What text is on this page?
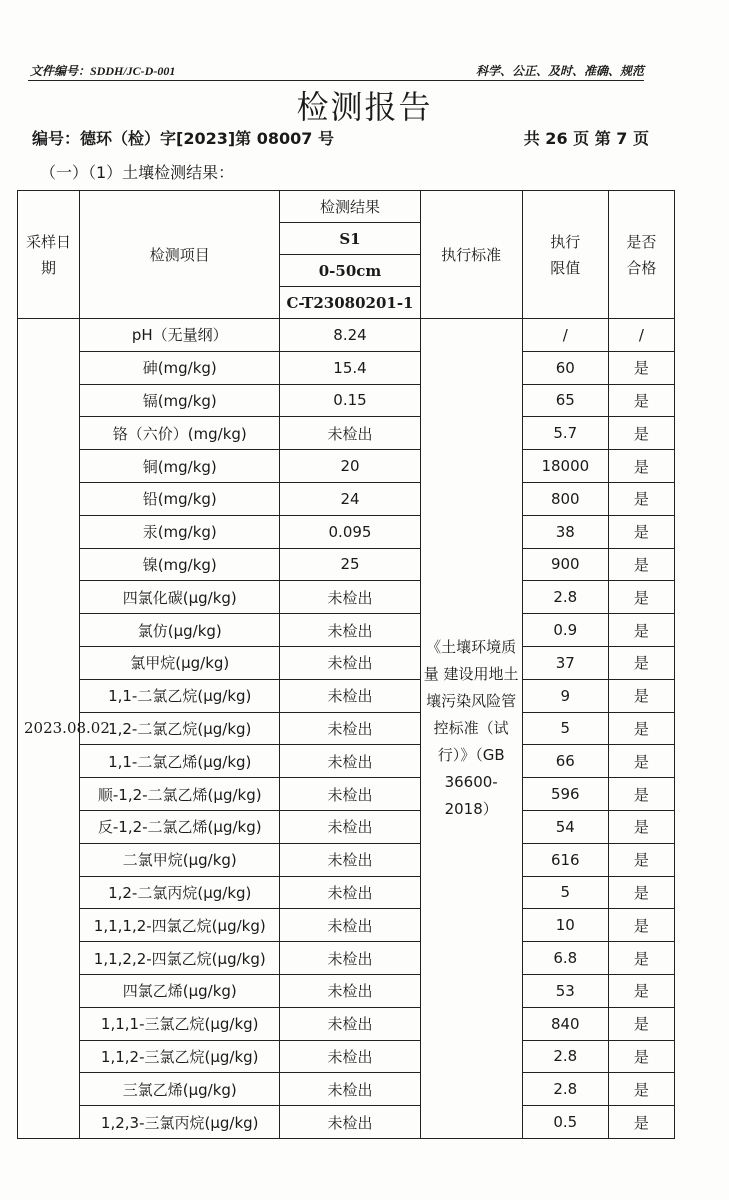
文件编号：SDDH/JC-D-001	科学、公正、及时、准确、规范
检测报告
编号：德环（检）字[2023]第 08007 号	共 26 页 第 7 页
（一）（1）土壤检测结果：
采样日期	检测项目	检测结果	执行标准	执行限值	是否合格
		S1			
		0-50cm			
		C-T23080201-1			
2023.08.02	pH（无量纲）	8.24	《土壤环境质量 建设用地土壤污染风险管控标准（试行）》（GB 36600-2018）	/	/
	砷(mg/kg)	15.4		60	是
	镉(mg/kg)	0.15		65	是
	铬（六价）(mg/kg)	未检出		5.7	是
	铜(mg/kg)	20		18000	是
	铅(mg/kg)	24		800	是
	汞(mg/kg)	0.095		38	是
	镍(mg/kg)	25		900	是
	四氯化碳(μg/kg)	未检出		2.8	是
	氯仿(μg/kg)	未检出		0.9	是
	氯甲烷(μg/kg)	未检出		37	是
	1,1-二氯乙烷(μg/kg)	未检出		9	是
	1,2-二氯乙烷(μg/kg)	未检出		5	是
	1,1-二氯乙烯(μg/kg)	未检出		66	是
	顺-1,2-二氯乙烯(μg/kg)	未检出		596	是
	反-1,2-二氯乙烯(μg/kg)	未检出		54	是
	二氯甲烷(μg/kg)	未检出		616	是
	1,2-二氯丙烷(μg/kg)	未检出		5	是
	1,1,1,2-四氯乙烷(μg/kg)	未检出		10	是
	1,1,2,2-四氯乙烷(μg/kg)	未检出		6.8	是
	四氯乙烯(μg/kg)	未检出		53	是
	1,1,1-三氯乙烷(μg/kg)	未检出		840	是
	1,1,2-三氯乙烷(μg/kg)	未检出		2.8	是
	三氯乙烯(μg/kg)	未检出		2.8	是
	1,2,3-三氯丙烷(μg/kg)	未检出		0.5	是
